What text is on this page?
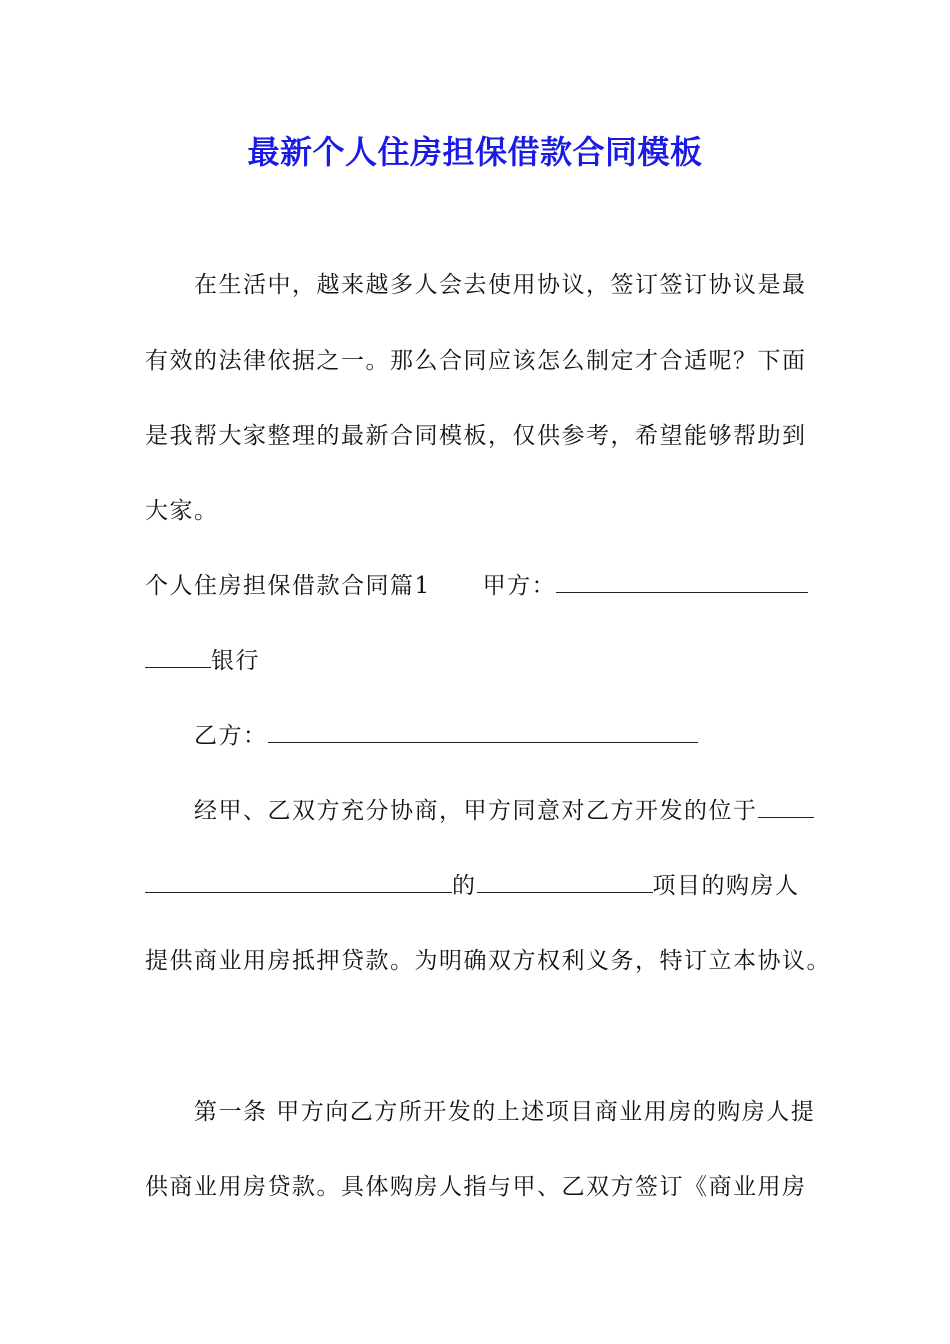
最新个人住房担保借款合同模板
在生活中，越来越多人会去使用协议，签订签订协议是最
有效的法律依据之一。那么合同应该怎么制定才合适呢？下面
是我帮大家整理的最新合同模板，仅供参考，希望能够帮助到
大家。
个人住房担保借款合同篇1 甲方：
银行
乙方：
经甲、乙双方充分协商，甲方同意对乙方开发的位于
的	项目的购房人
提供商业用房抵押贷款。为明确双方权利义务，特订立本协议。
第一条 甲方向乙方所开发的上述项目商业用房的购房人提
供商业用房贷款。具体购房人指与甲、乙双方签订《商业用房
